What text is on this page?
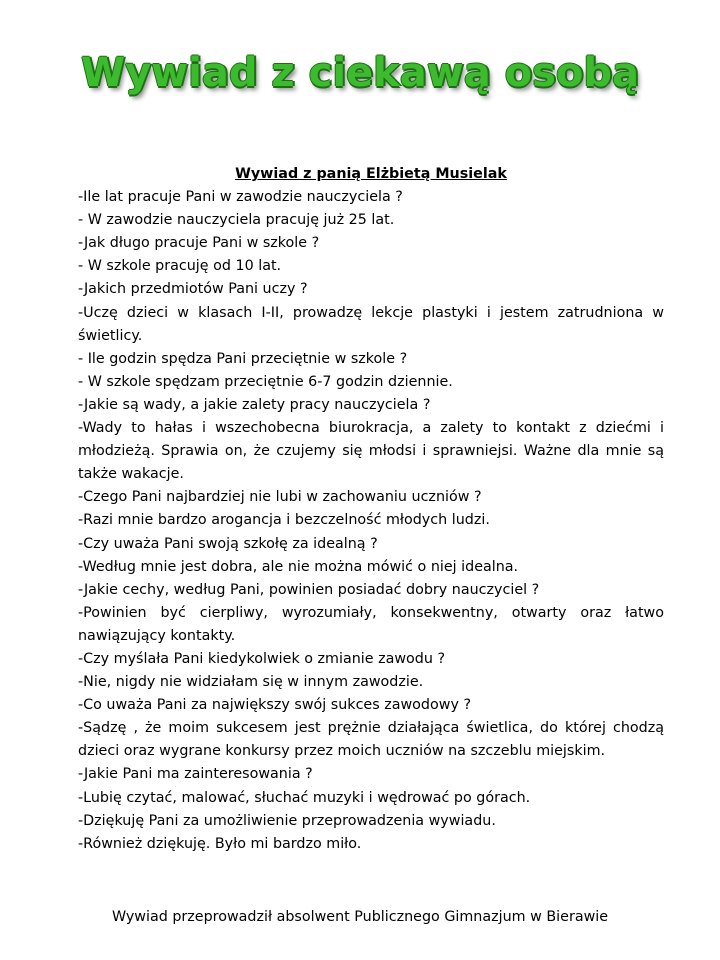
Wywiad z ciekawą osobą

Wywiad z panią Elżbietą Musielak

-Ile lat pracuje Pani w zawodzie nauczyciela ?

- W zawodzie nauczyciela pracuję już 25 lat.

-Jak długo pracuje Pani w szkole ?

- W szkole pracuję od 10 lat.

-Jakich przedmiotów Pani uczy ?

-Uczę dzieci w klasach I-II, prowadzę lekcje plastyki i jestem zatrudniona w świetlicy.

- Ile godzin spędza Pani przeciętnie w szkole ?

- W szkole spędzam przeciętnie 6-7 godzin dziennie.

-Jakie są wady, a jakie zalety pracy nauczyciela ?

-Wady to hałas i wszechobecna biurokracja, a zalety to kontakt z dziećmi i młodzieżą. Sprawia on, że czujemy się młodsi i sprawniejsi. Ważne dla mnie są także wakacje.

-Czego Pani najbardziej nie lubi w zachowaniu uczniów ?

-Razi mnie bardzo arogancja i bezczelność młodych ludzi.

-Czy uważa Pani swoją szkołę za idealną ?

-Według mnie jest dobra, ale nie można mówić o niej idealna.

-Jakie cechy, według Pani, powinien posiadać dobry nauczyciel ?

-Powinien być cierpliwy, wyrozumiały, konsekwentny, otwarty oraz łatwo nawiązujący kontakty.

-Czy myślała Pani kiedykolwiek o zmianie zawodu ?

-Nie, nigdy nie widziałam się w innym zawodzie.

-Co uważa Pani za największy swój sukces zawodowy ?

-Sądzę , że moim sukcesem jest prężnie działająca świetlica, do której chodzą dzieci oraz wygrane konkursy przez moich uczniów na szczeblu miejskim.

-Jakie Pani ma zainteresowania ?

-Lubię czytać, malować, słuchać muzyki i wędrować po górach.

-Dziękuję Pani za umożliwienie przeprowadzenia wywiadu.

-Również dziękuję. Było mi bardzo miło.

Wywiad przeprowadził absolwent Publicznego Gimnazjum w Bierawie
